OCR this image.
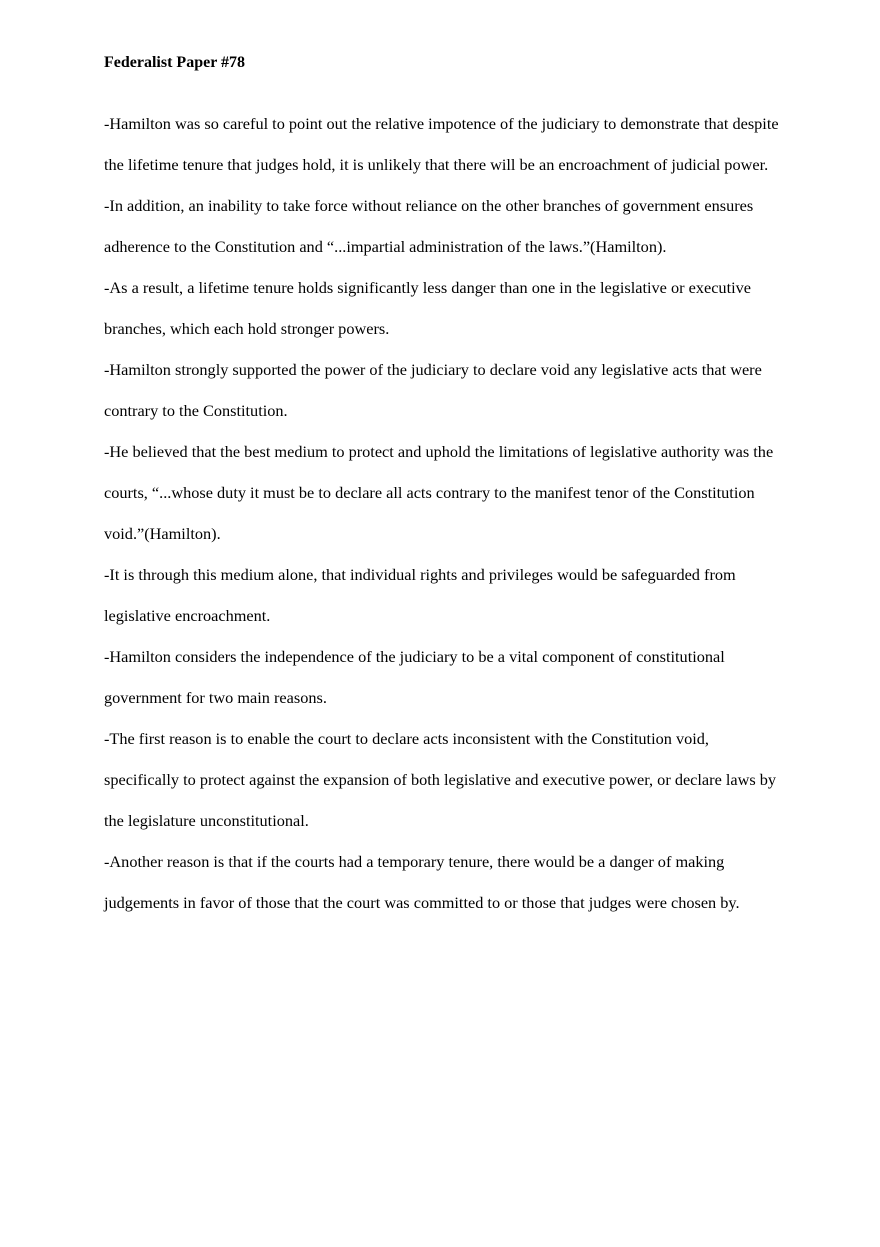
Federalist Paper #78

-Hamilton was so careful to point out the relative impotence of the judiciary to demonstrate that despite the lifetime tenure that judges hold, it is unlikely that there will be an encroachment of judicial power.

-In addition, an inability to take force without reliance on the other branches of government ensures adherence to the Constitution and “...impartial administration of the laws.”(Hamilton).

-As a result, a lifetime tenure holds significantly less danger than one in the legislative or executive branches, which each hold stronger powers.

-Hamilton strongly supported the power of the judiciary to declare void any legislative acts that were contrary to the Constitution.

-He believed that the best medium to protect and uphold the limitations of legislative authority was the courts, “...whose duty it must be to declare all acts contrary to the manifest tenor of the Constitution void.”(Hamilton).

-It is through this medium alone, that individual rights and privileges would be safeguarded from legislative encroachment.

-Hamilton considers the independence of the judiciary to be a vital component of constitutional government for two main reasons.

-The first reason is to enable the court to declare acts inconsistent with the Constitution void, specifically to protect against the expansion of both legislative and executive power, or declare laws by the legislature unconstitutional.

-Another reason is that if the courts had a temporary tenure, there would be a danger of making judgements in favor of those that the court was committed to or those that judges were chosen by.
